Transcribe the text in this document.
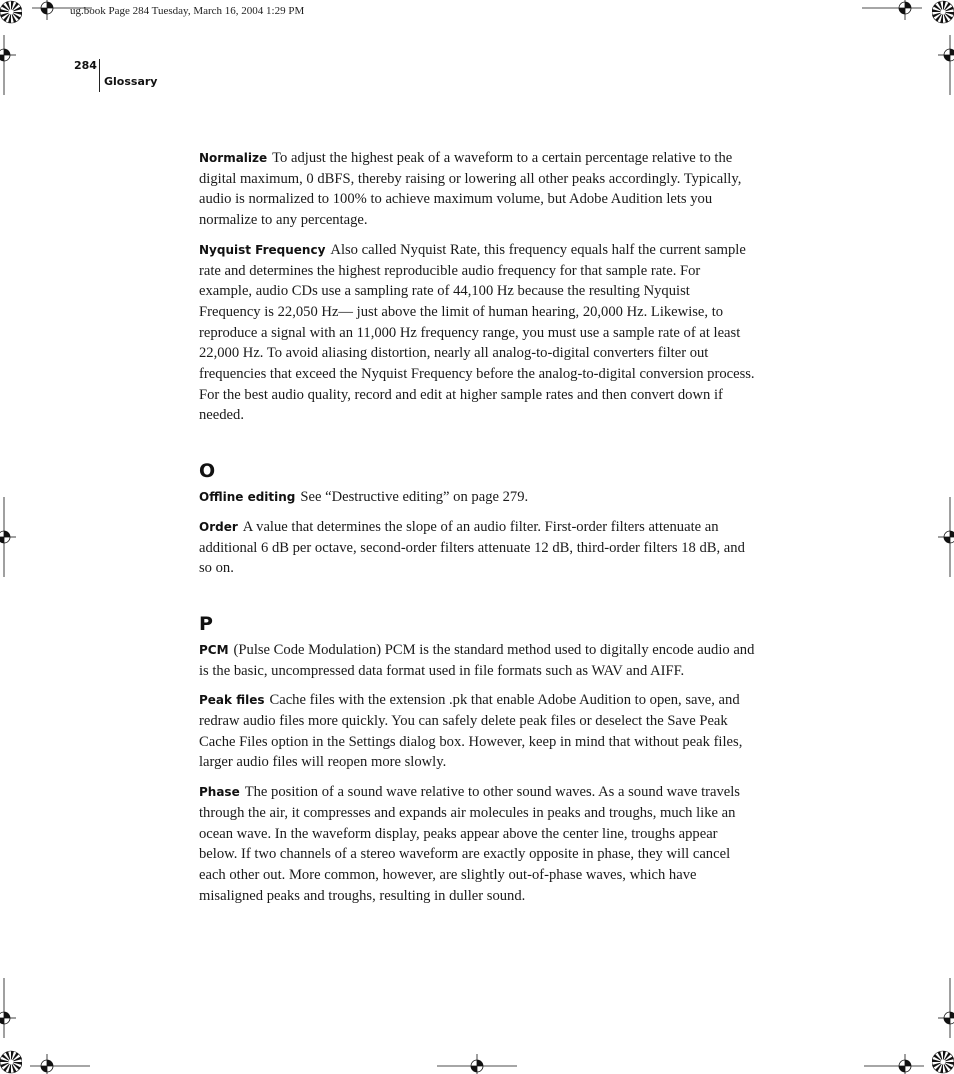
ug.book Page 284 Tuesday, March 16, 2004 1:29 PM
284
Glossary

Normalize To adjust the highest peak of a waveform to a certain percentage relative to the digital maximum, 0 dBFS, thereby raising or lowering all other peaks accordingly. Typically, audio is normalized to 100% to achieve maximum volume, but Adobe Audition lets you normalize to any percentage.

Nyquist Frequency Also called Nyquist Rate, this frequency equals half the current sample rate and determines the highest reproducible audio frequency for that sample rate. For example, audio CDs use a sampling rate of 44,100 Hz because the resulting Nyquist Frequency is 22,050 Hz— just above the limit of human hearing, 20,000 Hz. Likewise, to reproduce a signal with an 11,000 Hz frequency range, you must use a sample rate of at least 22,000 Hz. To avoid aliasing distortion, nearly all analog-to-digital converters filter out frequencies that exceed the Nyquist Frequency before the analog-to-digital conversion process. For the best audio quality, record and edit at higher sample rates and then convert down if needed.

O

Offline editing See “Destructive editing” on page 279.

Order A value that determines the slope of an audio filter. First-order filters attenuate an additional 6 dB per octave, second-order filters attenuate 12 dB, third-order filters 18 dB, and so on.

P

PCM (Pulse Code Modulation) PCM is the standard method used to digitally encode audio and is the basic, uncompressed data format used in file formats such as WAV and AIFF.

Peak files Cache files with the extension .pk that enable Adobe Audition to open, save, and redraw audio files more quickly. You can safely delete peak files or deselect the Save Peak Cache Files option in the Settings dialog box. However, keep in mind that without peak files, larger audio files will reopen more slowly.

Phase The position of a sound wave relative to other sound waves. As a sound wave travels through the air, it compresses and expands air molecules in peaks and troughs, much like an ocean wave. In the waveform display, peaks appear above the center line, troughs appear below. If two channels of a stereo waveform are exactly opposite in phase, they will cancel each other out. More common, however, are slightly out-of-phase waves, which have misaligned peaks and troughs, resulting in duller sound.
